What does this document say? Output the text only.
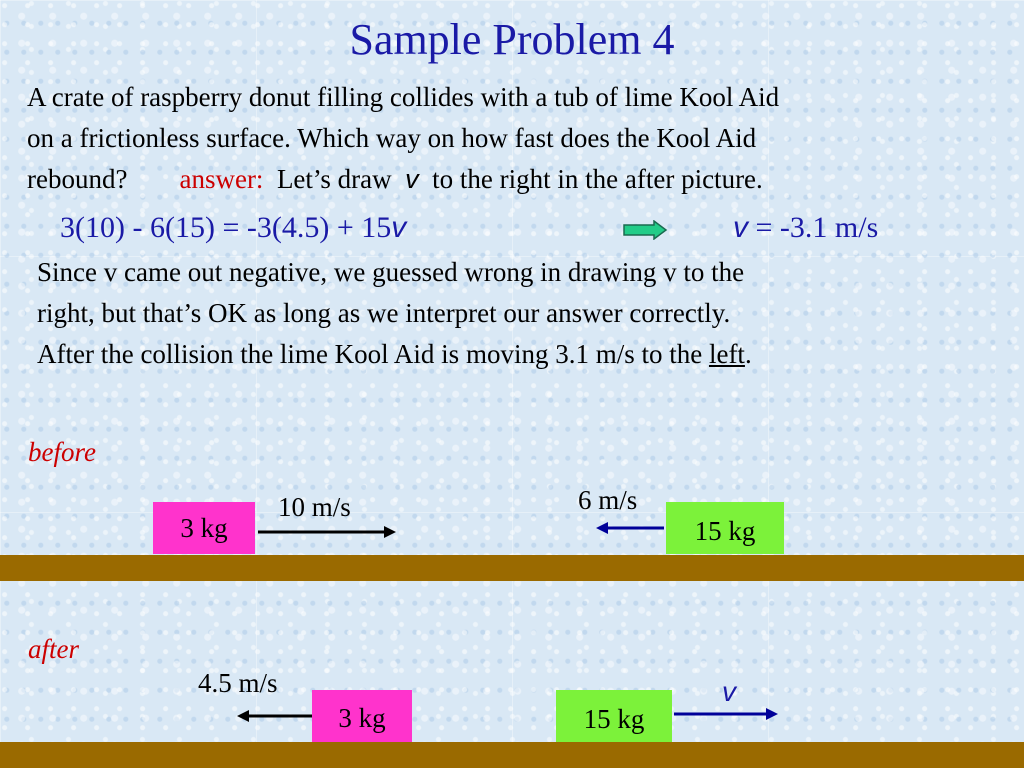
Sample Problem 4
A crate of raspberry donut filling collides with a tub of lime Kool Aid
on a frictionless surface. Which way on how fast does the Kool Aid
rebound? answer: Let’s draw v to the right in the after picture.
3(10) - 6(15) = -3(4.5) + 15v	v = -3.1 m/s
Since v came out negative, we guessed wrong in drawing v to the
right, but that’s OK as long as we interpret our answer correctly.
After the collision the lime Kool Aid is moving 3.1 m/s to the left.
before
3 kg
10 m/s	6 m/s
15 kg
after
4.5 m/s
3 kg	15 kg
v
